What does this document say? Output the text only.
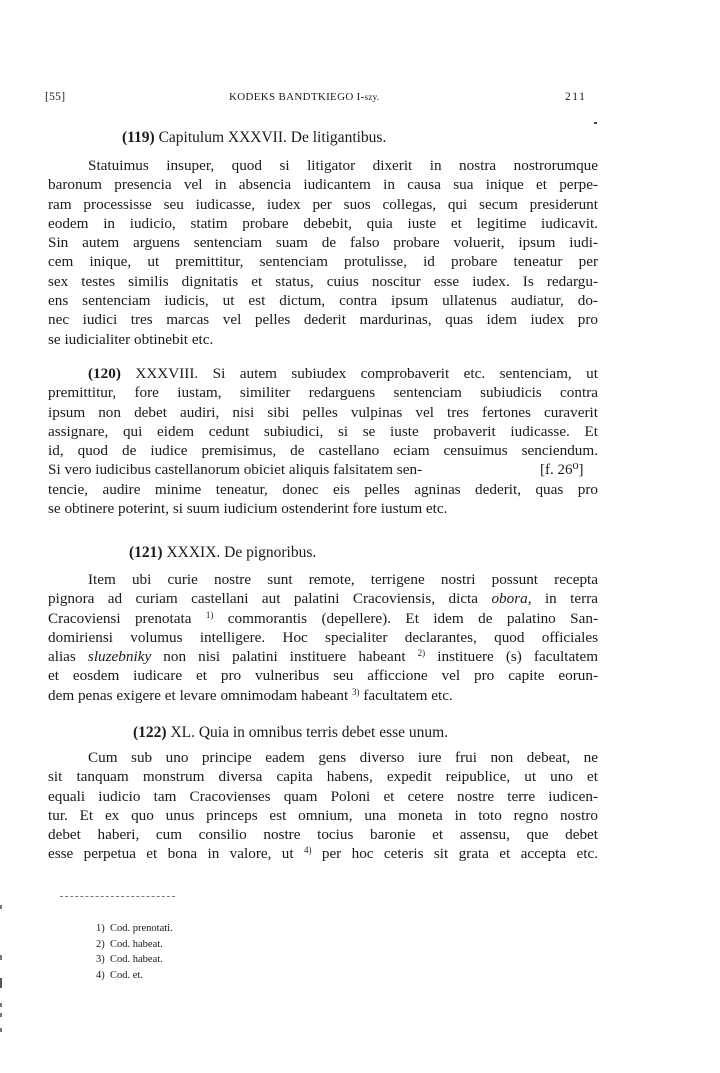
[55]	KODEKS BANDTKIEGO I-szy.	211
(119) Capitulum XXXVII. De litigantibus.
Statuimus insuper, quod si litigator dixerit in nostra nostrorumque
baronum presencia vel in absencia iudicantem in causa sua inique et perpe-
ram processisse seu iudicasse, iudex per suos collegas, qui secum presiderunt
eodem in iudicio, statim probare debebit, quia iuste et legitime iudicavit.
Sin autem arguens sentenciam suam de falso probare voluerit, ipsum iudi-
cem inique, ut premittitur, sentenciam protulisse, id probare teneatur per
sex testes similis dignitatis et status, cuius noscitur esse iudex. Is redargu-
ens sentenciam iudicis, ut est dictum, contra ipsum ullatenus audiatur, do-
nec iudici tres marcas vel pelles dederit mardurinas, quas idem iudex pro
se iudicialiter obtinebit etc.
(120) XXXVIII. Si autem subiudex comprobaverit etc. sentenciam, ut
premittitur, fore iustam, similiter redarguens sentenciam subiudicis contra
ipsum non debet audiri, nisi sibi pelles vulpinas vel tres fertones curaverit
assignare, qui eidem cedunt subiudici, si se iuste probaverit iudicasse. Et
id, quod de iudice premisimus, de castellano eciam censuimus senciendum.
Si vero iudicibus castellanorum obiciet aliquis falsitatem sen-
tencie, audire minime teneatur, donec eis pelles agninas dederit, quas pro
se obtinere poterint, si suum iudicium ostenderint fore iustum etc.
[f. 26⁰]
(121) XXXIX. De pignoribus.
Item ubi curie nostre sunt remote, terrigene nostri possunt recepta
pignora ad curiam castellani aut palatini Cracoviensis, dicta obora, in terra
Cracoviensi prenotata $^{1)}$ commorantis (depellere). Et idem de palatino San-
domiriensi volumus intelligere. Hoc specialiter declarantes, quod officiales
alias sluzebniky non nisi palatini instituere habeant $^{2)}$ instituere (s) facultatem
et eosdem iudicare et pro vulneribus seu afficcione vel pro capite eorun-
dem penas exigere et levare omnimodam habeant $^{3)}$ facultatem etc.
(122) XL. Quia in omnibus terris debet esse unum.
Cum sub uno principe eadem gens diverso iure frui non debeat, ne
sit tanquam monstrum diversa capita habens, expedit reipublice, ut uno et
equali iudicio tam Cracovienses quam Poloni et cetere nostre terre iudicen-
tur. Et ex quo unus princeps est omnium, una moneta in toto regno nostro
debet haberi, cum consilio nostre tocius baronie et assensu, que debet
esse perpetua et bona in valore, ut $^{4)}$ per hoc ceteris sit grata et accepta etc.
1) Cod. prenotati.
2) Cod. habeat.
3) Cod. habeat.
4) Cod. et.
